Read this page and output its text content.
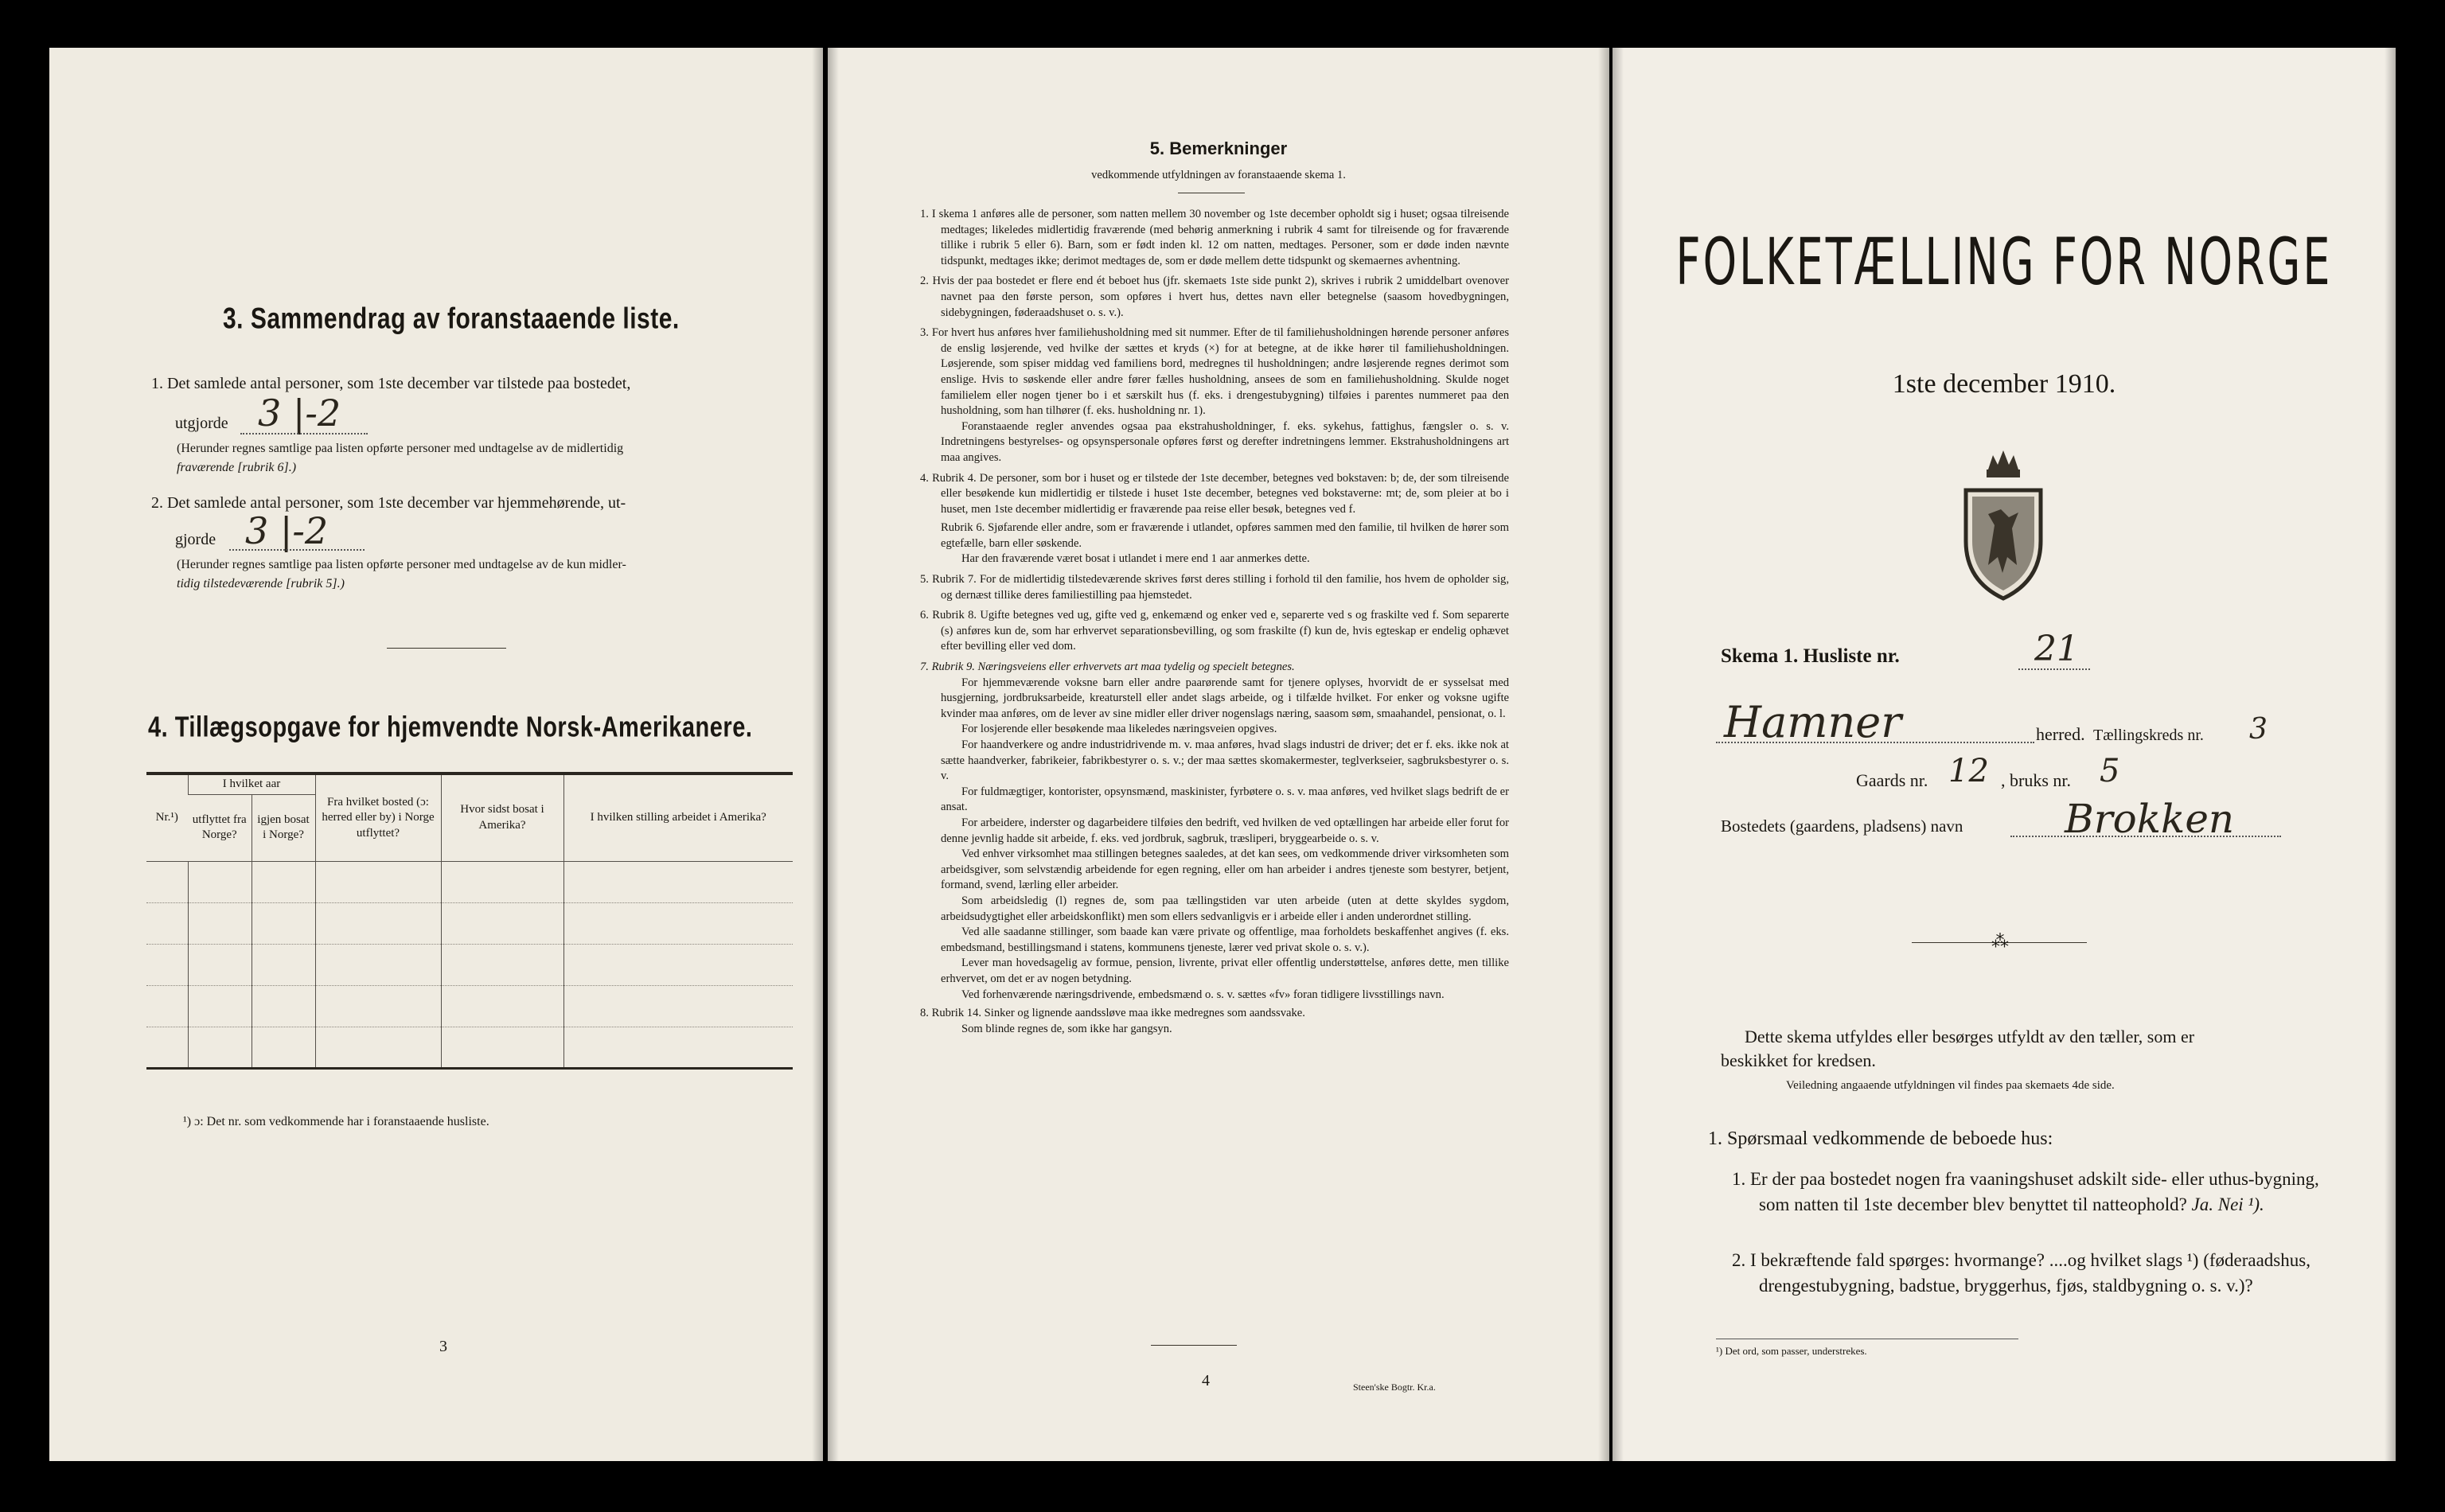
3. Sammendrag av foranstaaende liste.
1. Det samlede antal personer, som 1ste december var tilstede paa bostedet,
utgjorde 3 |-2
(Herunder regnes samtlige paa listen opførte personer med undtagelse av de midlertidig
fraværende [rubrik 6].)
2. Det samlede antal personer, som 1ste december var hjemmehørende, ut-
gjorde 3 |-2
(Herunder regnes samtlige paa listen opførte personer med undtagelse av de kun midler-
tidig tilstedeværende [rubrik 5].)
4. Tillægsopgave for hjemvendte Norsk-Amerikanere.
Nr.¹)	I hvilket aar		Fra hvilket bosted (ɔ: herred eller by) i Norge utflyttet?	Hvor sidst bosat i Amerika?	I hvilken stilling arbeidet i Amerika?
	utflyttet fra Norge?	igjen bosat i Norge?			

¹) ɔ: Det nr. som vedkommende har i foranstaaende husliste.
3
5. Bemerkninger
vedkommende utfyldningen av foranstaaende skema 1.

1. I skema 1 anføres alle de personer, som natten mellem 30 november og 1ste december opholdt sig i huset; ogsaa tilreisende medtages; likeledes midlertidig fraværende (med behørig anmerkning i rubrik 4 samt for tilreisende og for fraværende tillike i rubrik 5 eller 6). Barn, som er født inden kl. 12 om natten, medtages. Personer, som er døde inden nævnte tidspunkt, medtages ikke; derimot medtages de, som er døde mellem dette tidspunkt og skemaernes avhentning.

2. Hvis der paa bostedet er flere end ét beboet hus (jfr. skemaets 1ste side punkt 2), skrives i rubrik 2 umiddelbart ovenover navnet paa den første person, som opføres i hvert hus, dettes navn eller betegnelse (saasom hovedbygningen, sidebygningen, føderaadshuset o. s. v.).

3. For hvert hus anføres hver familiehusholdning med sit nummer. Efter de til familiehusholdningen hørende personer anføres de enslig løsjerende, ved hvilke der sættes et kryds (×) for at betegne, at de ikke hører til familiehusholdningen. Løsjerende, som spiser middag ved familiens bord, medregnes til husholdningen; andre løsjerende regnes derimot som enslige. Hvis to søskende eller andre fører fælles husholdning, ansees de som en familiehusholdning. Skulde noget familielem eller nogen tjener bo i et særskilt hus (f. eks. i drengestubygning) tilføies i parentes nummeret paa den husholdning, som han tilhører (f. eks. husholdning nr. 1).

Foranstaaende regler anvendes ogsaa paa ekstrahusholdninger, f. eks. sykehus, fattighus, fængsler o. s. v. Indretningens bestyrelses- og opsynspersonale opføres først og derefter indretningens lemmer. Ekstrahusholdningens art maa angives.

4. Rubrik 4. De personer, som bor i huset og er tilstede der 1ste december, betegnes ved bokstaven: b; de, der som tilreisende eller besøkende kun midlertidig er tilstede i huset 1ste december, betegnes ved bokstaverne: mt; de, som pleier at bo i huset, men 1ste december midlertidig er fraværende paa reise eller besøk, betegnes ved f.

Rubrik 6. Sjøfarende eller andre, som er fraværende i utlandet, opføres sammen med den familie, til hvilken de hører som egtefælle, barn eller søskende.

Har den fraværende været bosat i utlandet i mere end 1 aar anmerkes dette.

5. Rubrik 7. For de midlertidig tilstedeværende skrives først deres stilling i forhold til den familie, hos hvem de opholder sig, og dernæst tillike deres familiestilling paa hjemstedet.

6. Rubrik 8. Ugifte betegnes ved ug, gifte ved g, enkemænd og enker ved e, separerte ved s og fraskilte ved f. Som separerte (s) anføres kun de, som har erhvervet separationsbevilling, og som fraskilte (f) kun de, hvis egteskap er endelig ophævet efter bevilling eller ved dom.

7. Rubrik 9. Næringsveiens eller erhvervets art maa tydelig og specielt betegnes.

For hjemmeværende voksne barn eller andre paarørende samt for tjenere oplyses, hvorvidt de er sysselsat med husgjerning, jordbruksarbeide, kreaturstell eller andet slags arbeide, og i tilfælde hvilket. For enker og voksne ugifte kvinder maa anføres, om de lever av sine midler eller driver nogenslags næring, saasom søm, smaahandel, pensionat, o. l.

For losjerende eller besøkende maa likeledes næringsveien opgives.

For haandverkere og andre industridrivende m. v. maa anføres, hvad slags industri de driver; det er f. eks. ikke nok at sætte haandverker, fabrikeier, fabrikbestyrer o. s. v.; der maa sættes skomakermester, teglverkseier, sagbruksbestyrer o. s. v.

For fuldmægtiger, kontorister, opsynsmænd, maskinister, fyrbøtere o. s. v. maa anføres, ved hvilket slags bedrift de er ansat.

For arbeidere, inderster og dagarbeidere tilføies den bedrift, ved hvilken de ved optællingen har arbeide eller forut for denne jevnlig hadde sit arbeide, f. eks. ved jordbruk, sagbruk, træsliperi, bryggearbeide o. s. v.

Ved enhver virksomhet maa stillingen betegnes saaledes, at det kan sees, om vedkommende driver virksomheten som arbeidsgiver, som selvstændig arbeidende for egen regning, eller om han arbeider i andres tjeneste som bestyrer, betjent, formand, svend, lærling eller arbeider.

Som arbeidsledig (l) regnes de, som paa tællingstiden var uten arbeide (uten at dette skyldes sygdom, arbeidsudygtighet eller arbeidskonflikt) men som ellers sedvanligvis er i arbeide eller i anden underordnet stilling.

Ved alle saadanne stillinger, som baade kan være private og offentlige, maa forholdets beskaffenhet angives (f. eks. embedsmand, bestillingsmand i statens, kommunens tjeneste, lærer ved privat skole o. s. v.).

Lever man hovedsagelig av formue, pension, livrente, privat eller offentlig understøttelse, anføres dette, men tillike erhvervet, om det er av nogen betydning.

Ved forhenværende næringsdrivende, embedsmænd o. s. v. sættes «fv» foran tidligere livsstillings navn.

8. Rubrik 14. Sinker og lignende aandssløve maa ikke medregnes som aandssvake.

Som blinde regnes de, som ikke har gangsyn.

4	Steen'ske Bogtr. Kr.a.
FOLKETÆLLING FOR NORGE
1ste december 1910.
Skema 1. Husliste nr.	21
Hamner	herred. Tællingskreds nr. 3
Gaards nr. 12 , bruks nr. 5
Bostedets (gaardens, pladsens) navn	Brokken
⁂
Dette skema utfyldes eller besørges utfyldt av den tæller, som er
beskikket for kredsen.
Veiledning angaaende utfyldningen vil findes paa skemaets 4de side.
1. Spørsmaal vedkommende de beboede hus:
1. Er der paa bostedet nogen fra vaaningshuset adskilt side- eller uthus-bygning, som natten til 1ste december blev benyttet til natteophold? Ja. Nei ¹).
2. I bekræftende fald spørges: hvormange? ....og hvilket slags ¹) (føderaadshus, drengestubygning, badstue, bryggerhus, fjøs, staldbygning o. s. v.)?
¹) Det ord, som passer, understrekes.
